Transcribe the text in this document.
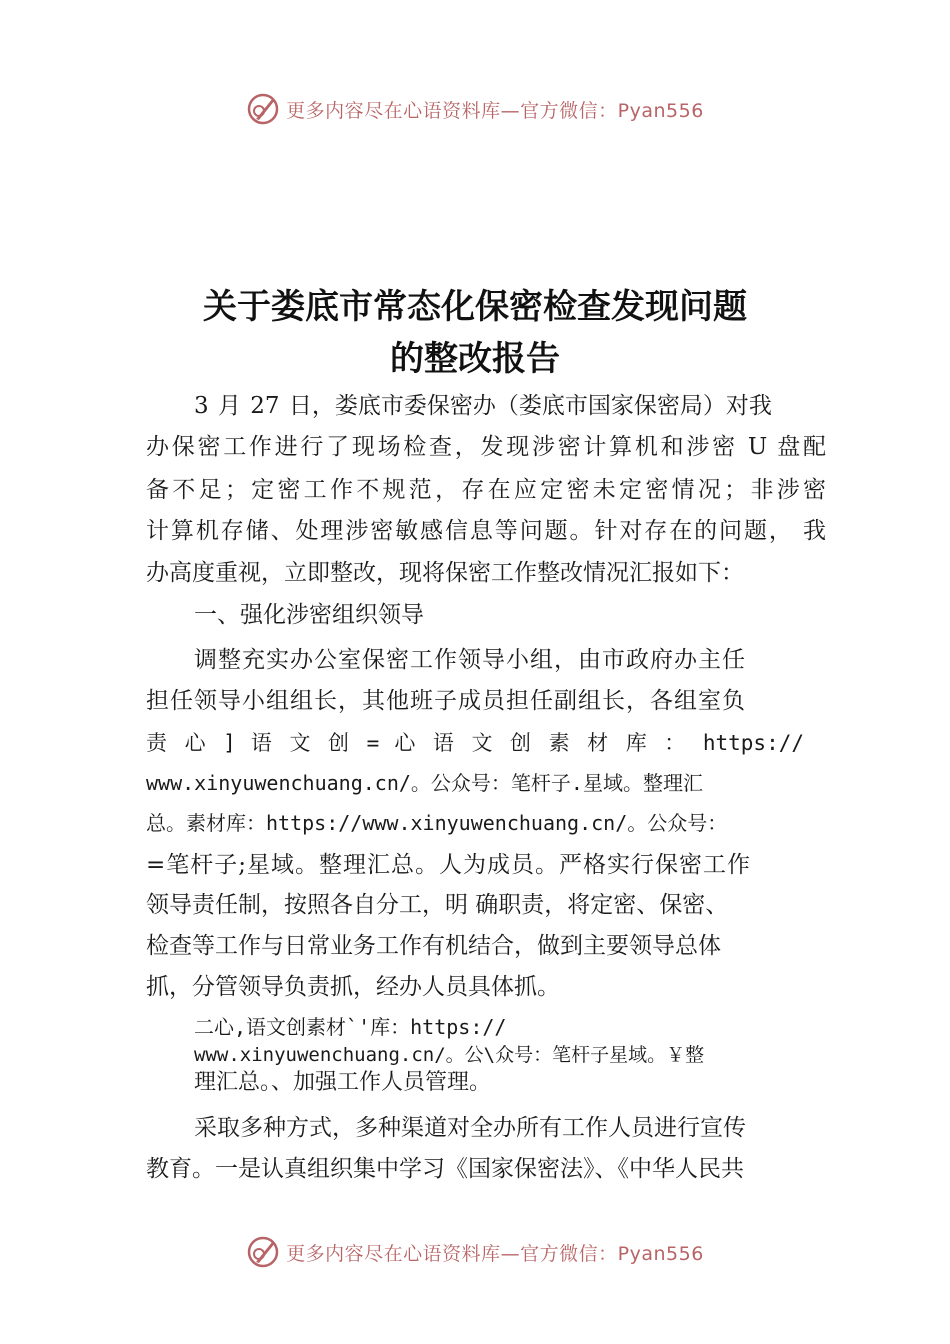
更多内容尽在心语资料库—官方微信：Pyan556
关于娄底市常态化保密检查发现问题
的整改报告
3 月 27 日，娄底市委保密办（娄底市国家保密局）对我
办保密工作进行了现场检查，发现涉密计算机和涉密 U 盘配
备不足；定密工作不规范，存在应定密未定密情况；非涉密
计算机存储、处理涉密敏感信息等问题。针对存在的问题， 我
办高度重视，立即整改，现将保密工作整改情况汇报如下：
一、强化涉密组织领导
调整充实办公室保密工作领导小组，由市政府办主任
担任领导小组组长，其他班子成员担任副组长，各组室负
责 心 ] 语 文 创 = 心 语 文 创 素 材 库 ： https://
www.xinyuwenchuang.cn/。公众号：笔杆子.星域。整理汇
总。素材库：https://www.xinyuwenchuang.cn/。公众号：
=笔杆子;星域。整理汇总。人为成员。严格实行保密工作
领导责任制，按照各自分工，明 确职责，将定密、保密、
检查等工作与日常业务工作有机结合，做到主要领导总体
抓，分管领导负责抓，经办人员具体抓。
二心,语文创素材`'库：https://
www.xinyuwenchuang.cn/。公\众号：笔杆子星域。￥整
理汇总。、加强工作人员管理。
采取多种方式，多种渠道对全办所有工作人员进行宣传
教育。一是认真组织集中学习《国家保密法》、《中华人民共
更多内容尽在心语资料库—官方微信：Pyan556
